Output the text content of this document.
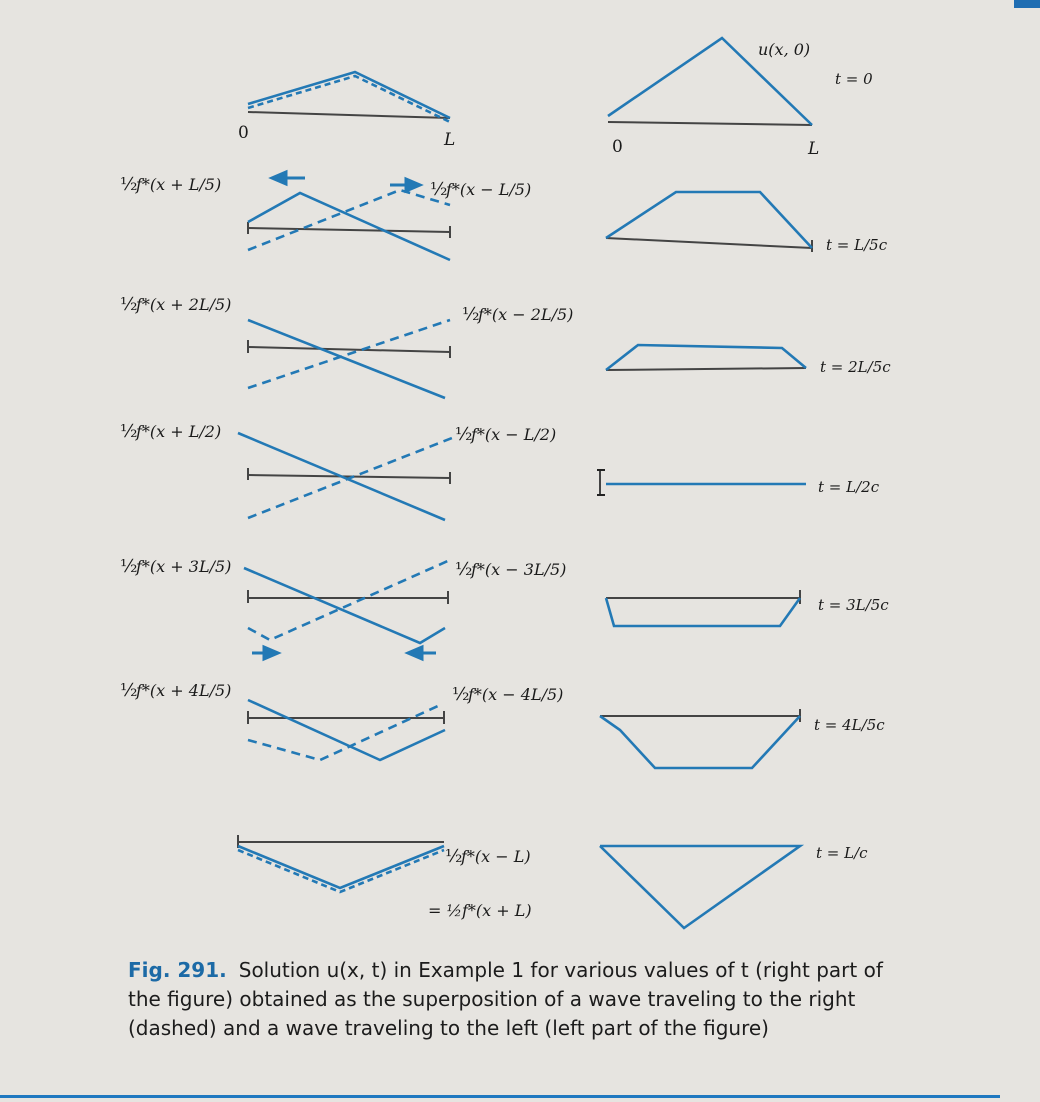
½
f*(x + L/5)	½
f*(x − L/5)
½
f*(x + 2L/5)	½
f*(x − 2L/5)
½
f*(x + L/2)	½
f*(x − L/2)
½
f*(x + 3L/5)	½
f*(x − 3L/5)
½
f*(x + 4L/5)	½
f*(x − 4L/5)
½
f*(x − L)
0	L
= ½f*(x + L)
u(x, 0)
0	L
t = 0
t = L/5c
t = 2L/5c
t = L/2c
t = 3L/5c
t = 4L/5c
t = L/c
Fig. 291. Solution u(x, t) in Example 1 for various values of t (right part of the figure) obtained as the superposition of a wave traveling to the right (dashed) and a wave traveling to the left (left part of the figure)
